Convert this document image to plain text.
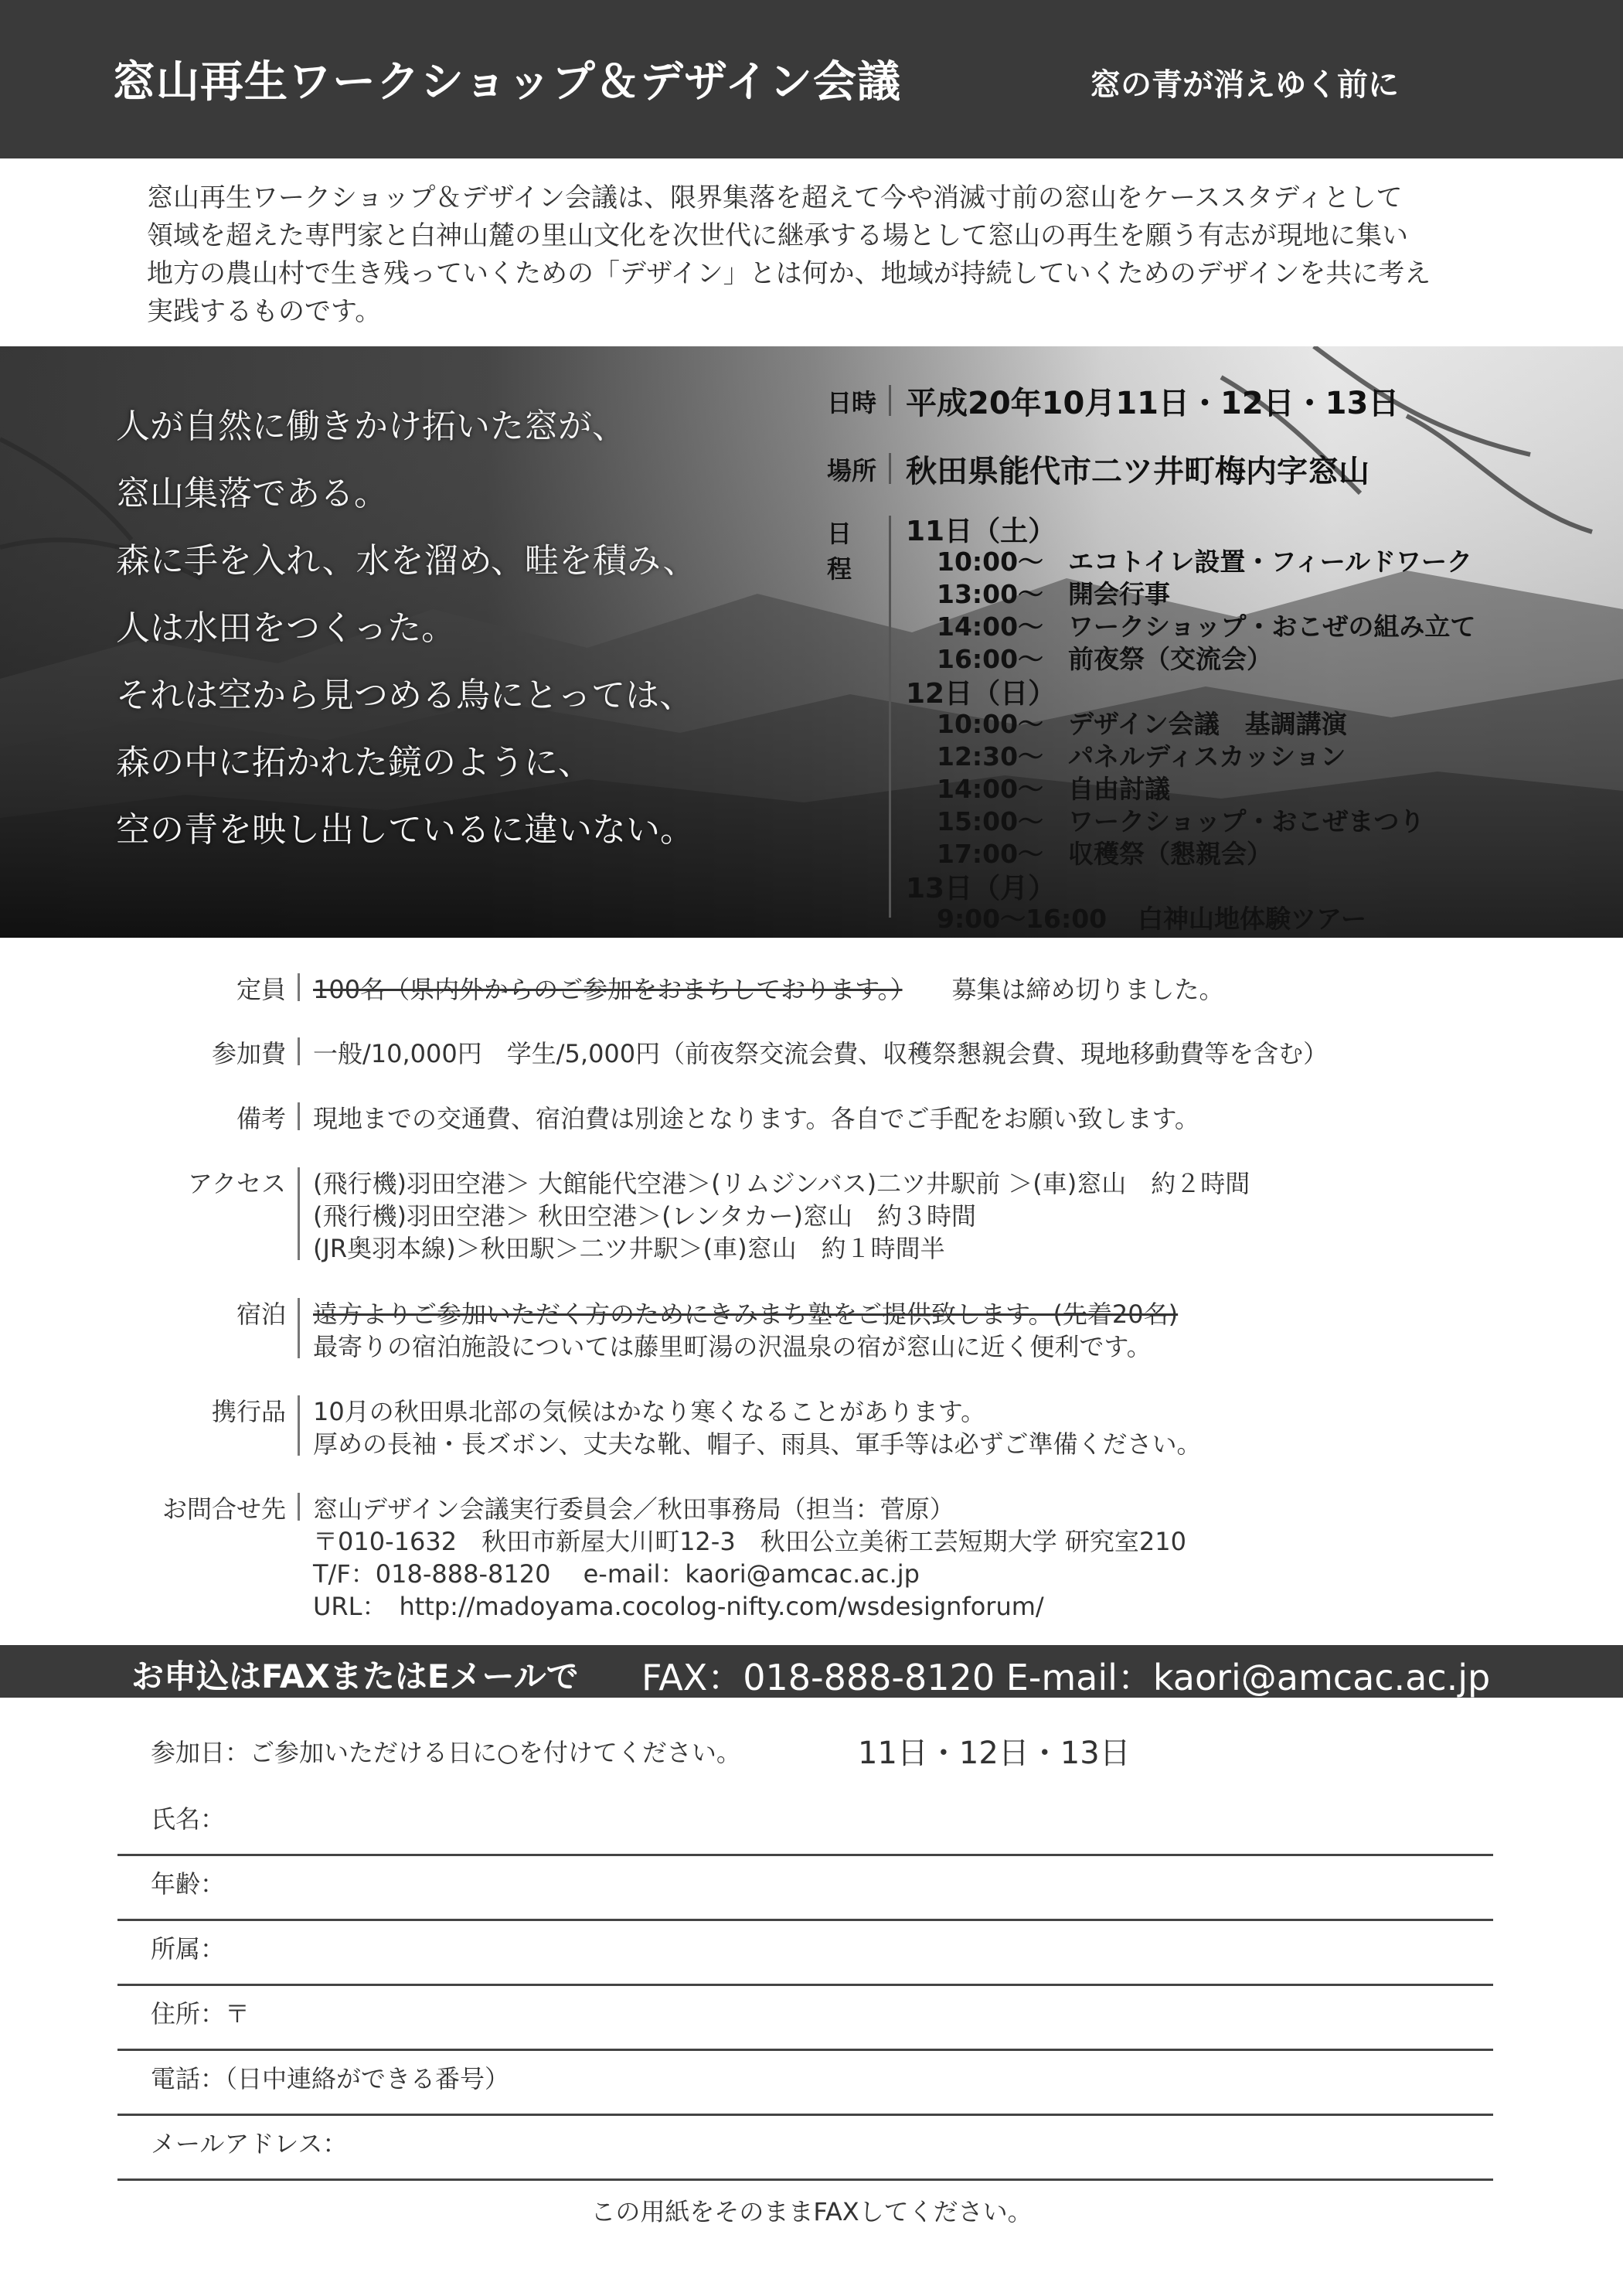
窓山再生ワークショップ＆デザイン会議	窓の青が消えゆく前に

窓山再生ワークショップ＆デザイン会議は、限界集落を超えて今や消滅寸前の窓山をケーススタディとして

領域を超えた専門家と白神山麓の里山文化を次世代に継承する場として窓山の再生を願う有志が現地に集い

地方の農山村で生き残っていくための「デザイン」とは何か、地域が持続していくためのデザインを共に考え

実践するものです。

人が自然に働きかけ拓いた窓が、

窓山集落である。

森に手を入れ、水を溜め、畦を積み、

人は水田をつくった。

それは空から見つめる鳥にとっては、

森の中に拓かれた鏡のように、

空の青を映し出しているに違いない。

日時 平成20年10月11日・12日・13日
場所 秋田県能代市二ツ井町梅内字窓山
日程
11日（土）
10:00〜 エコトイレ設置・フィールドワーク
13:00〜 開会行事
14:00〜 ワークショップ・おこぜの組み立て
16:00〜 前夜祭（交流会）
12日（日）
10:00〜 デザイン会議　基調講演
12:30〜 パネルディスカッション
14:00〜 自由討議
15:00〜 ワークショップ・おこぜまつり
17:00〜 収穫祭（懇親会）
13日（月）
9:00〜16:00 白神山地体験ツアー
定員 100名（県内外からのご参加をおまちしております。）　　 募集は締め切りました。
参加費 一般/10,000円　学生/5,000円（前夜祭交流会費、収穫祭懇親会費、現地移動費等を含む）
備考 現地までの交通費、宿泊費は別途となります。各自でご手配をお願い致します。
アクセス (飛行機)羽田空港＞ 大館能代空港＞(リムジンバス)二ツ井駅前 ＞(車)窓山　約２時間
(飛行機)羽田空港＞ 秋田空港＞(レンタカー)窓山　約３時間
(JR奥羽本線)＞秋田駅＞二ツ井駅＞(車)窓山　約１時間半
宿泊 遠方よりご参加いただく方のためにきみまち塾をご提供致します。(先着20名)
最寄りの宿泊施設については藤里町湯の沢温泉の宿が窓山に近く便利です。
携行品 10月の秋田県北部の気候はかなり寒くなることがあります。
厚めの長袖・長ズボン、丈夫な靴、帽子、雨具、軍手等は必ずご準備ください。
お問合せ先 窓山デザイン会議実行委員会／秋田事務局（担当：菅原）
〒010-1632　秋田市新屋大川町12-3　秋田公立美術工芸短期大学 研究室210
T/F：018-888-8120　 e-mail：kaori@amcac.ac.jp
URL：　http://madoyama.cocolog-nifty.com/wsdesignforum/
お申込はFAXまたはEメールで FAX：018-888-8120 E-mail：kaori@amcac.ac.jp
参加日：ご参加いただける日に○を付けてください。	11日・12日・13日
氏名：
年齢：
所属：
住所：〒
電話：（日中連絡ができる番号）
メールアドレス：
この用紙をそのままFAXしてください。
